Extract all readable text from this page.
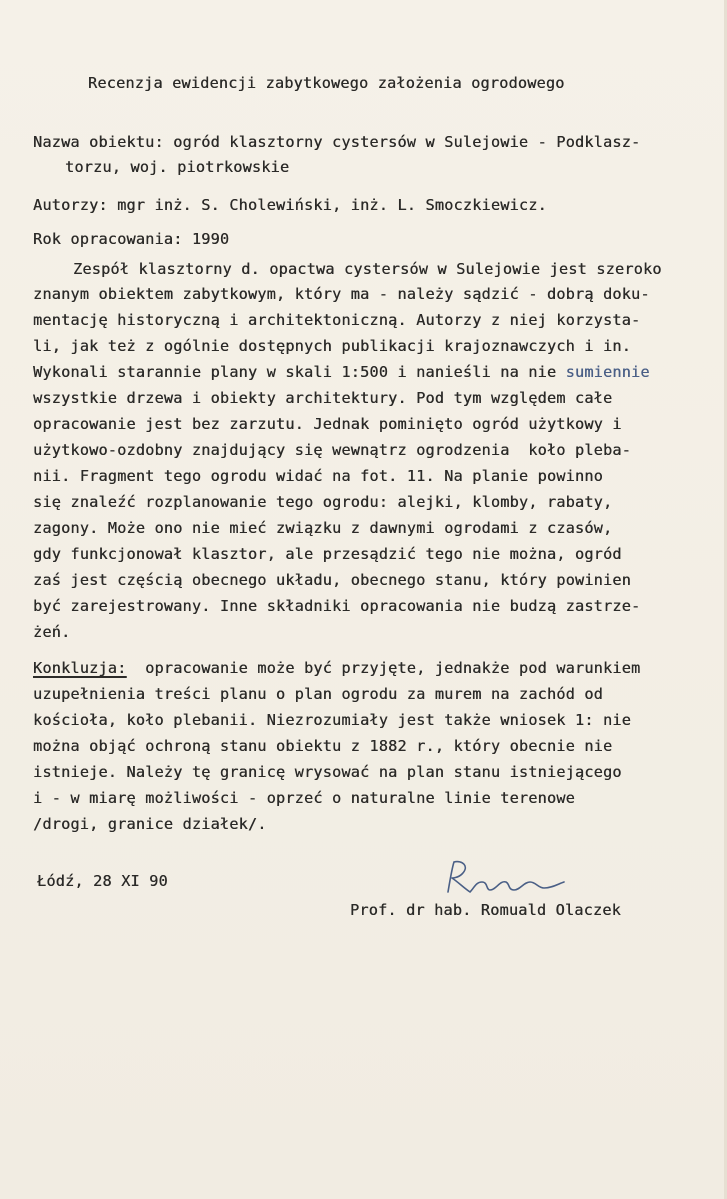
Recenzja ewidencji zabytkowego założenia ogrodowego
Nazwa obiektu: ogród klasztorny cystersów w Sulejowie - Podklasz-
torzu, woj. piotrkowskie
Autorzy: mgr inż. S. Cholewiński, inż. L. Smoczkiewicz.
Rok opracowania: 1990
Zespół klasztorny d. opactwa cystersów w Sulejowie jest szeroko
znanym obiektem zabytkowym, który ma - należy sądzić - dobrą doku-
mentację historyczną i architektoniczną. Autorzy z niej korzysta-
li, jak też z ogólnie dostępnych publikacji krajoznawczych i in.
Wykonali starannie plany w skali 1:500 i nanieśli na nie sumiennie
wszystkie drzewa i obiekty architektury. Pod tym względem całe
opracowanie jest bez zarzutu. Jednak pominięto ogród użytkowy i
użytkowo-ozdobny znajdujący się wewnątrz ogrodzenia  koło pleba-
nii. Fragment tego ogrodu widać na fot. 11. Na planie powinno
się znaleźć rozplanowanie tego ogrodu: alejki, klomby, rabaty,
zagony. Może ono nie mieć związku z dawnymi ogrodami z czasów,
gdy funkcjonował klasztor, ale przesądzić tego nie można, ogród
zaś jest częścią obecnego układu, obecnego stanu, który powinien
być zarejestrowany. Inne składniki opracowania nie budzą zastrze-
żeń.
Konkluzja:  opracowanie może być przyjęte, jednakże pod warunkiem
uzupełnienia treści planu o plan ogrodu za murem na zachód od
kościoła, koło plebanii. Niezrozumiały jest także wniosek 1: nie
można objąć ochroną stanu obiektu z 1882 r., który obecnie nie
istnieje. Należy tę granicę wrysować na plan stanu istniejącego
i - w miarę możliwości - oprzeć o naturalne linie terenowe
/drogi, granice działek/.
Łódź, 28 XI 90
Prof. dr hab. Romuald Olaczek
